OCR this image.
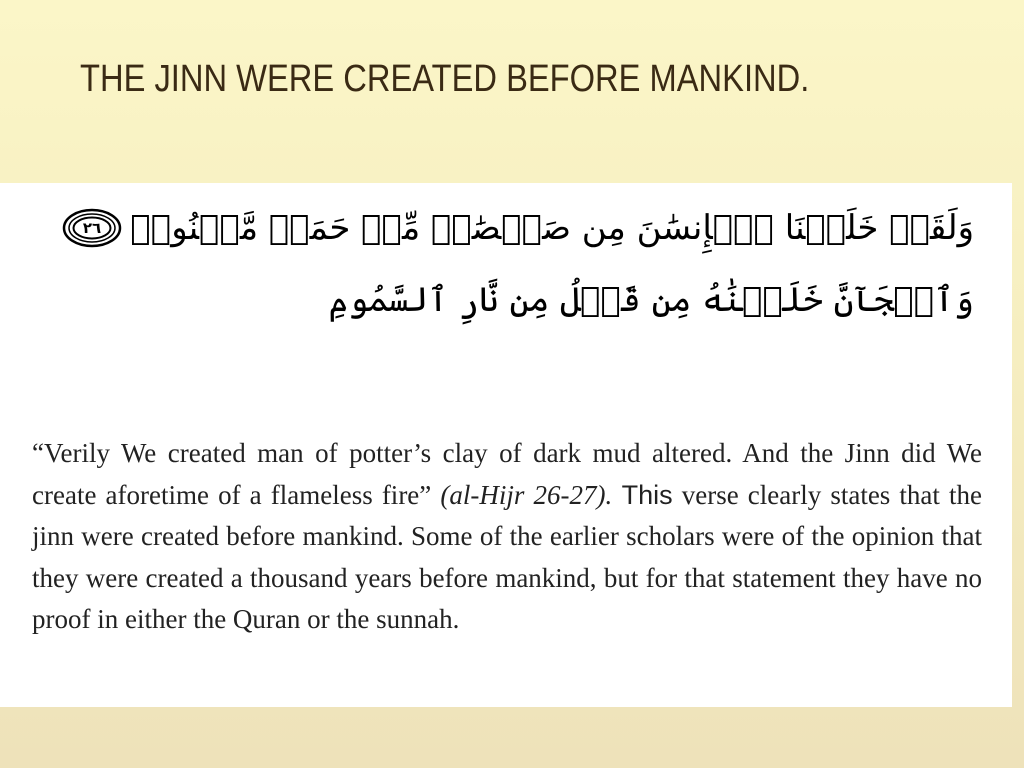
THE JINN WERE CREATED BEFORE MANKIND.
وَلَقَدۡ خَلَقۡنَا ٱلۡإِنسَٰنَ مِن صَلۡصَٰلٖ مِّنۡ حَمَإٖ مَّسۡنُونٖ
٢٦
وَٱلۡجَآنَّ خَلَقۡنَٰهُ مِن قَبۡلُ مِن نَّارِ ٱلسَّمُومِ

“Verily We created man of potter’s clay of dark mud altered. And the Jinn did We create aforetime of a flameless fire” (al-Hijr 26-27). This verse clearly states that the jinn were created before mankind. Some of the earlier scholars were of the opinion that they were created a thousand years before mankind, but for that statement they have no proof in either the Quran or the sunnah.
